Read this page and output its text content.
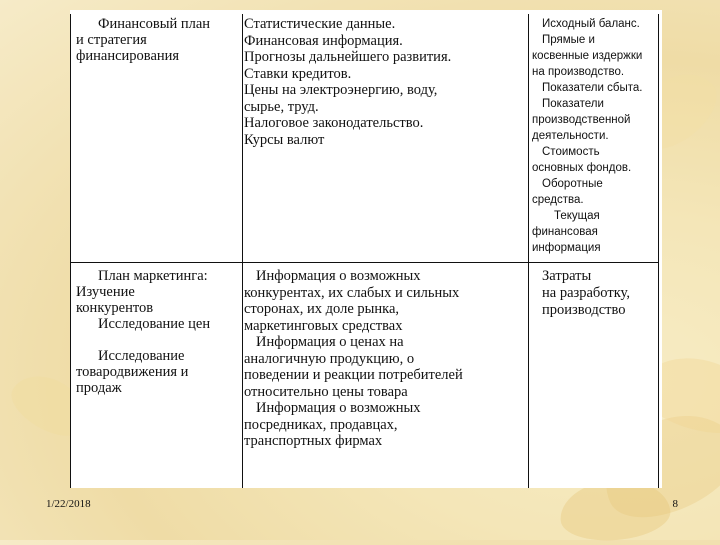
Финансовый план
и стратегия
финансирования
Статистические данные.
Финансовая информация.
Прогнозы дальнейшего развития.
Ставки кредитов.
Цены на электроэнергию, воду,
сырье, труд.
Налоговое законодательство.
Курсы валют
Исходный баланс.
Прямые и
косвенные издержки
на производство.
Показатели сбыта.
Показатели
производственной
деятельности.
Стоимость
основных фондов.
Оборотные
средства.
Текущая
финансовая
информация
План маркетинга:
Изучение
конкурентов
Исследование цен

Исследование
товародвижения и
продаж
Информация о возможных
конкурентах, их слабых и сильных
сторонах, их доле рынка,
маркетинговых средствах
Информация о ценах на
аналогичную продукцию, о
поведении и реакции потребителей
относительно цены товара
Информация о возможных
посредниках, продавцах,
транспортных фирмах
Затраты
на разработку,
производство
1/22/2018	8
